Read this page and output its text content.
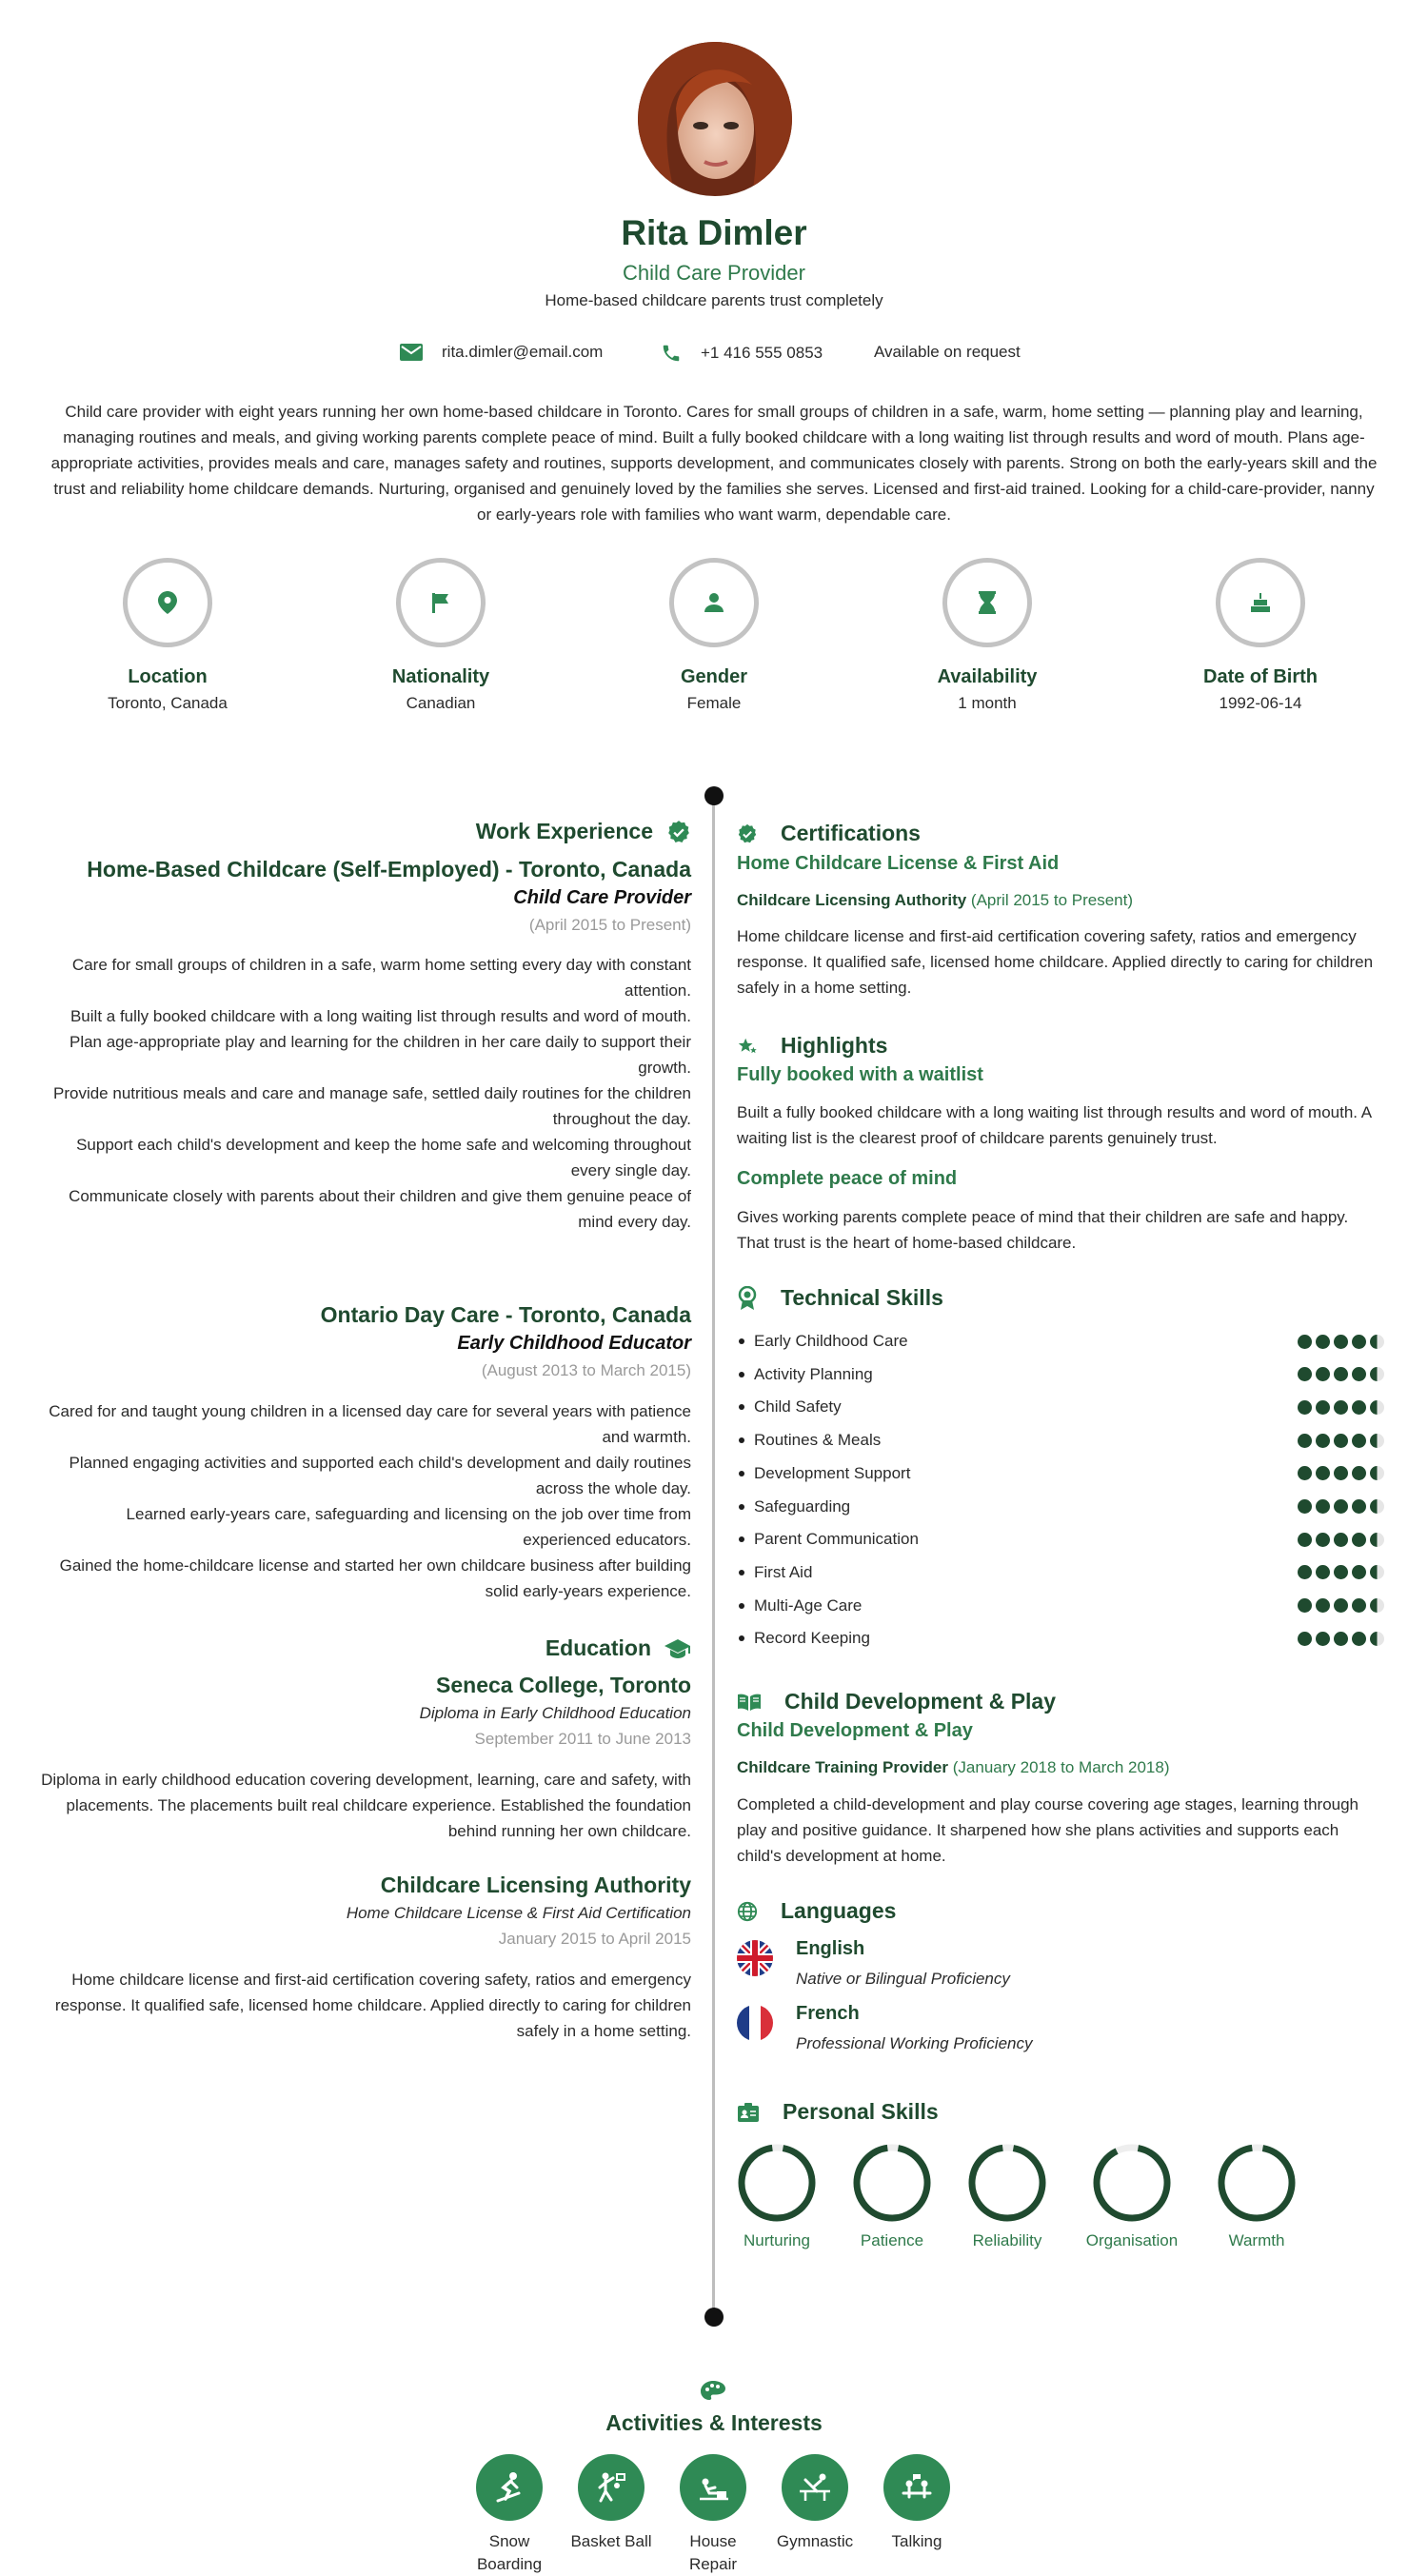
Rita Dimler
Child Care Provider
Home-based childcare parents trust completely
rita.dimler@email.com	+1 416 555 0853	Available on request
Child care provider with eight years running her own home-based childcare in Toronto. Cares for small groups of children in a safe, warm, home setting — planning play and learning, managing routines and meals, and giving working parents complete peace of mind. Built a fully booked childcare with a long waiting list through results and word of mouth. Plans age-appropriate activities, provides meals and care, manages safety and routines, supports development, and communicates closely with parents. Strong on both the early-years skill and the trust and reliability home childcare demands. Nurturing, organised and genuinely loved by the families she serves. Licensed and first-aid trained. Looking for a child-care-provider, nanny or early-years role with families who want warm, dependable care.
Location
Toronto, Canada
Nationality
Canadian
Gender
Female
Availability
1 month
Date of Birth
1992-06-14
Work Experience
Home-Based Childcare (Self-Employed) - Toronto, Canada
Child Care Provider
(April 2015 to Present)

Care for small groups of children in a safe, warm home setting every day with constant attention.

Built a fully booked childcare with a long waiting list through results and word of mouth.

Plan age-appropriate play and learning for the children in her care daily to support their growth.

Provide nutritious meals and care and manage safe, settled daily routines for the children throughout the day.

Support each child's development and keep the home safe and welcoming throughout every single day.

Communicate closely with parents about their children and give them genuine peace of mind every day.

Ontario Day Care - Toronto, Canada
Early Childhood Educator
(August 2013 to March 2015)

Cared for and taught young children in a licensed day care for several years with patience and warmth.

Planned engaging activities and supported each child's development and daily routines across the whole day.

Learned early-years care, safeguarding and licensing on the job over time from experienced educators.

Gained the home-childcare license and started her own childcare business after building solid early-years experience.

Education
Seneca College, Toronto
Diploma in Early Childhood Education
September 2011 to June 2013
Diploma in early childhood education covering development, learning, care and safety, with placements. The placements built real childcare experience. Established the foundation behind running her own childcare.
Childcare Licensing Authority
Home Childcare License & First Aid Certification
January 2015 to April 2015
Home childcare license and first-aid certification covering safety, ratios and emergency response. It qualified safe, licensed home childcare. Applied directly to caring for children safely in a home setting.
Certifications
Home Childcare License & First Aid
Childcare Licensing Authority (April 2015 to Present)
Home childcare license and first-aid certification covering safety, ratios and emergency response. It qualified safe, licensed home childcare. Applied directly to caring for children safely in a home setting.
Highlights
Fully booked with a waitlist
Built a fully booked childcare with a long waiting list through results and word of mouth. A waiting list is the clearest proof of childcare parents genuinely trust.
Complete peace of mind
Gives working parents complete peace of mind that their children are safe and happy. That trust is the heart of home-based childcare.
Technical Skills
Early Childhood Care
Activity Planning
Child Safety
Routines & Meals
Development Support
Safeguarding
Parent Communication
First Aid
Multi-Age Care
Record Keeping
Child Development & Play
Child Development & Play
Childcare Training Provider (January 2018 to March 2018)
Completed a child-development and play course covering age stages, learning through play and positive guidance. It sharpened how she plans activities and supports each child's development at home.
Languages
English
Native or Bilingual Proficiency
French
Professional Working Proficiency
Personal Skills
Nurturing	Patience	Reliability	Organisation	Warmth
Activities & Interests
Snow Boarding
Basket Ball	House Repair
Gymnastic	Talking
